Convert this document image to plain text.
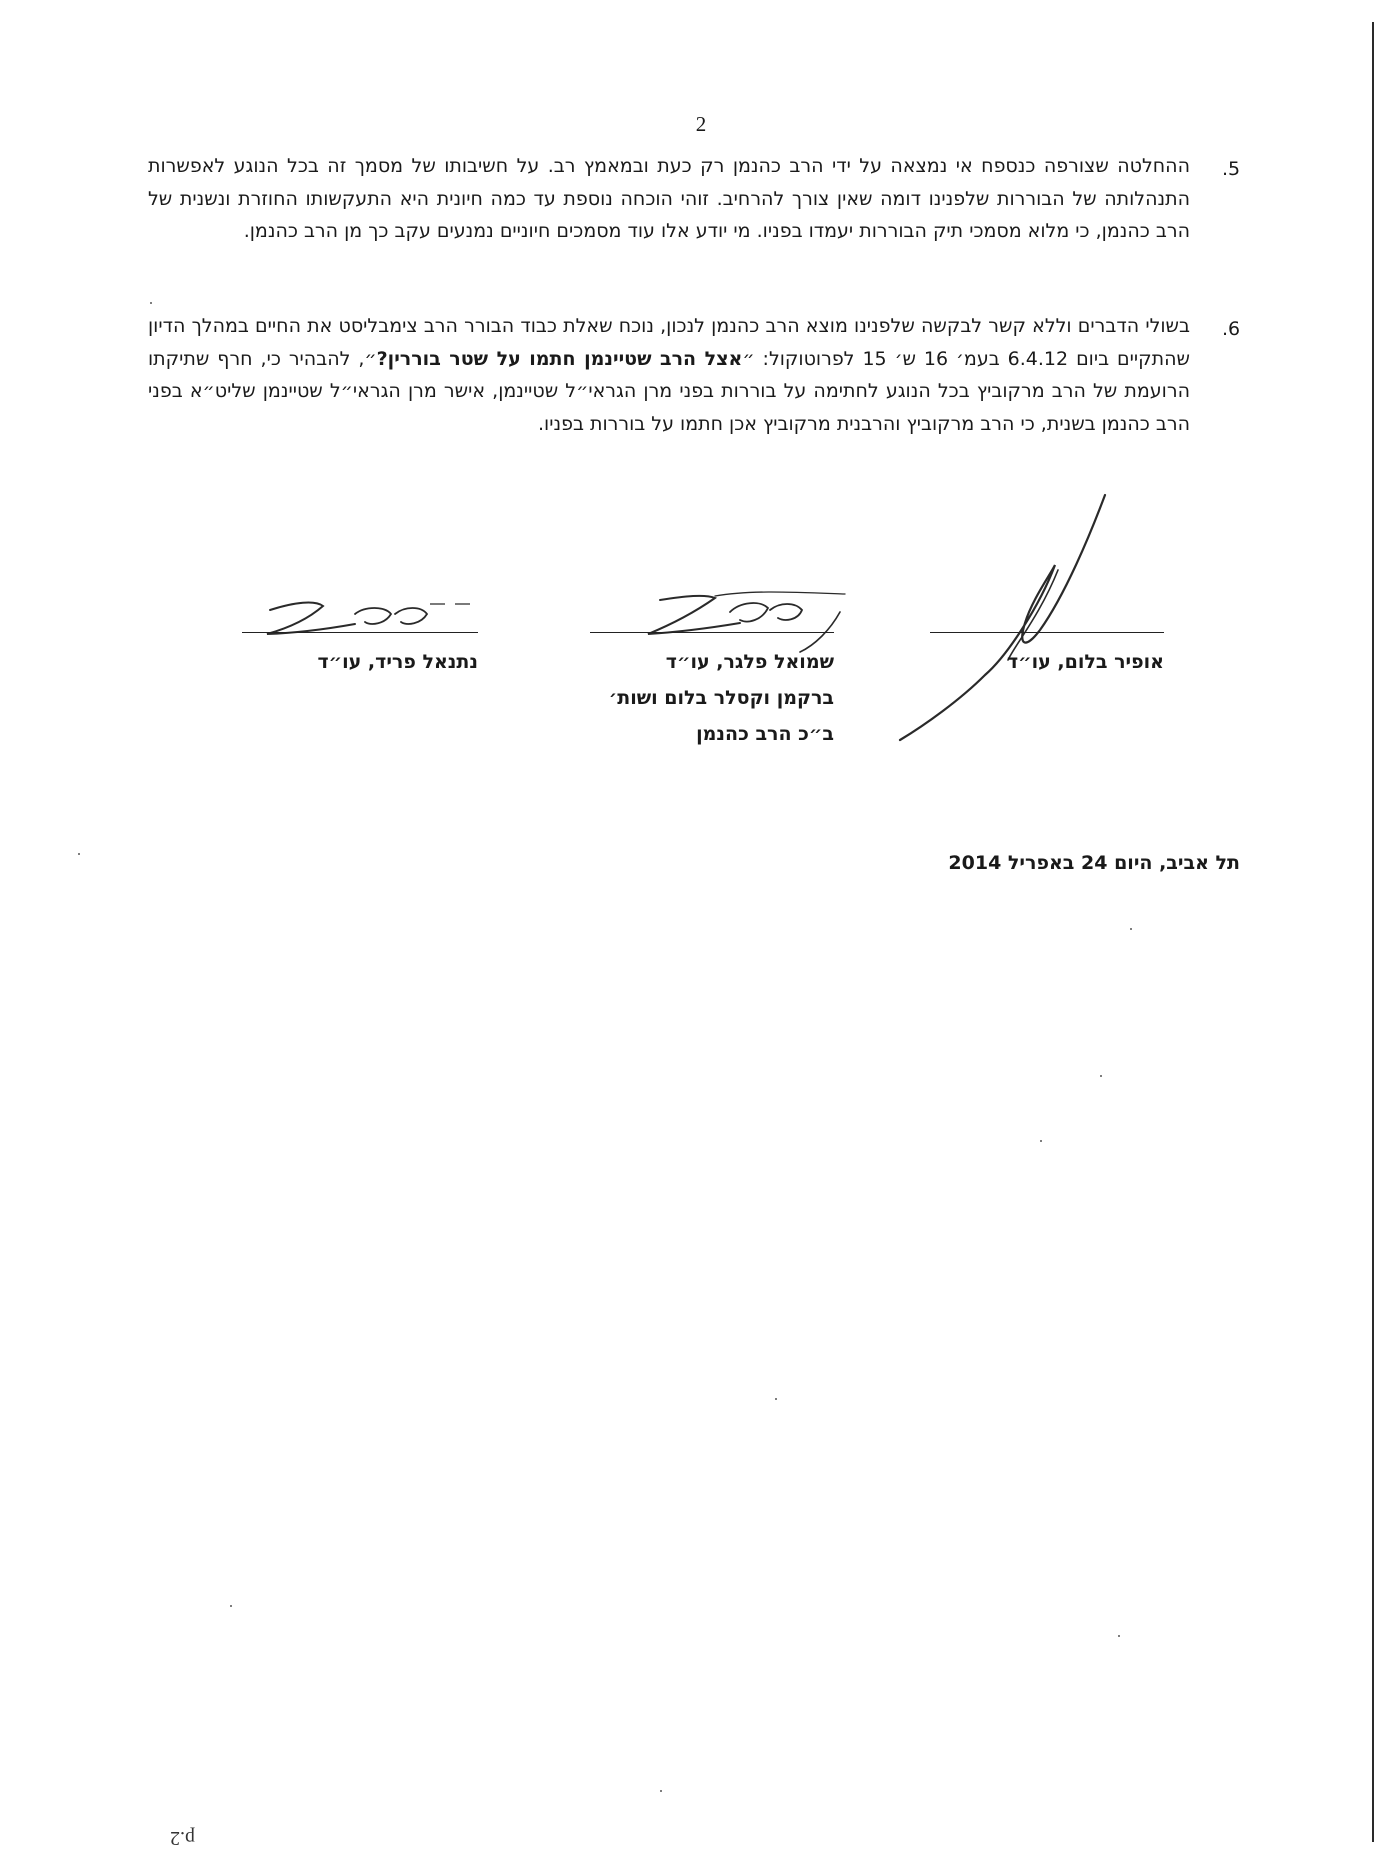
2
.5
ההחלטה שצורפה כנספח אי נמצאה על ידי הרב כהנמן רק כעת ובמאמץ רב. על חשיבותו של מסמך זה בכל הנוגע לאפשרות התנהלותה של הבוררות שלפנינו דומה שאין צורך להרחיב. זוהי הוכחה נוספת עד כמה חיונית היא התעקשותו החוזרת ונשנית של הרב כהנמן, כי מלוא מסמכי תיק הבוררות יעמדו בפניו. מי יודע אלו עוד מסמכים חיוניים נמנעים עקב כך מן הרב כהנמן.
.6
בשולי הדברים וללא קשר לבקשה שלפנינו מוצא הרב כהנמן לנכון, נוכח שאלת כבוד הבורר הרב צימבליסט את החיים במהלך הדיון שהתקיים ביום 6.4.12 בעמ׳ 16 ש׳ 15 לפרוטוקול: ״אצל הרב שטיינמן חתמו על שטר בוררין?״, להבהיר כי, חרף שתיקתו הרועמת של הרב מרקוביץ בכל הנוגע לחתימה על בוררות בפני מרן הגראי״ל שטיינמן, אישר מרן הגראי״ל שטיינמן שליט״א בפני הרב כהנמן בשנית, כי הרב מרקוביץ והרבנית מרקוביץ אכן חתמו על בוררות בפניו.
אופיר בלום, עו״ד
שמואל פלגר, עו״ד
ברקמן וקסלר בלום ושות׳
ב״כ הרב כהנמן
נתנאל פריד, עו״ד
תל אביב, היום 24 באפריל 2014
p.2
